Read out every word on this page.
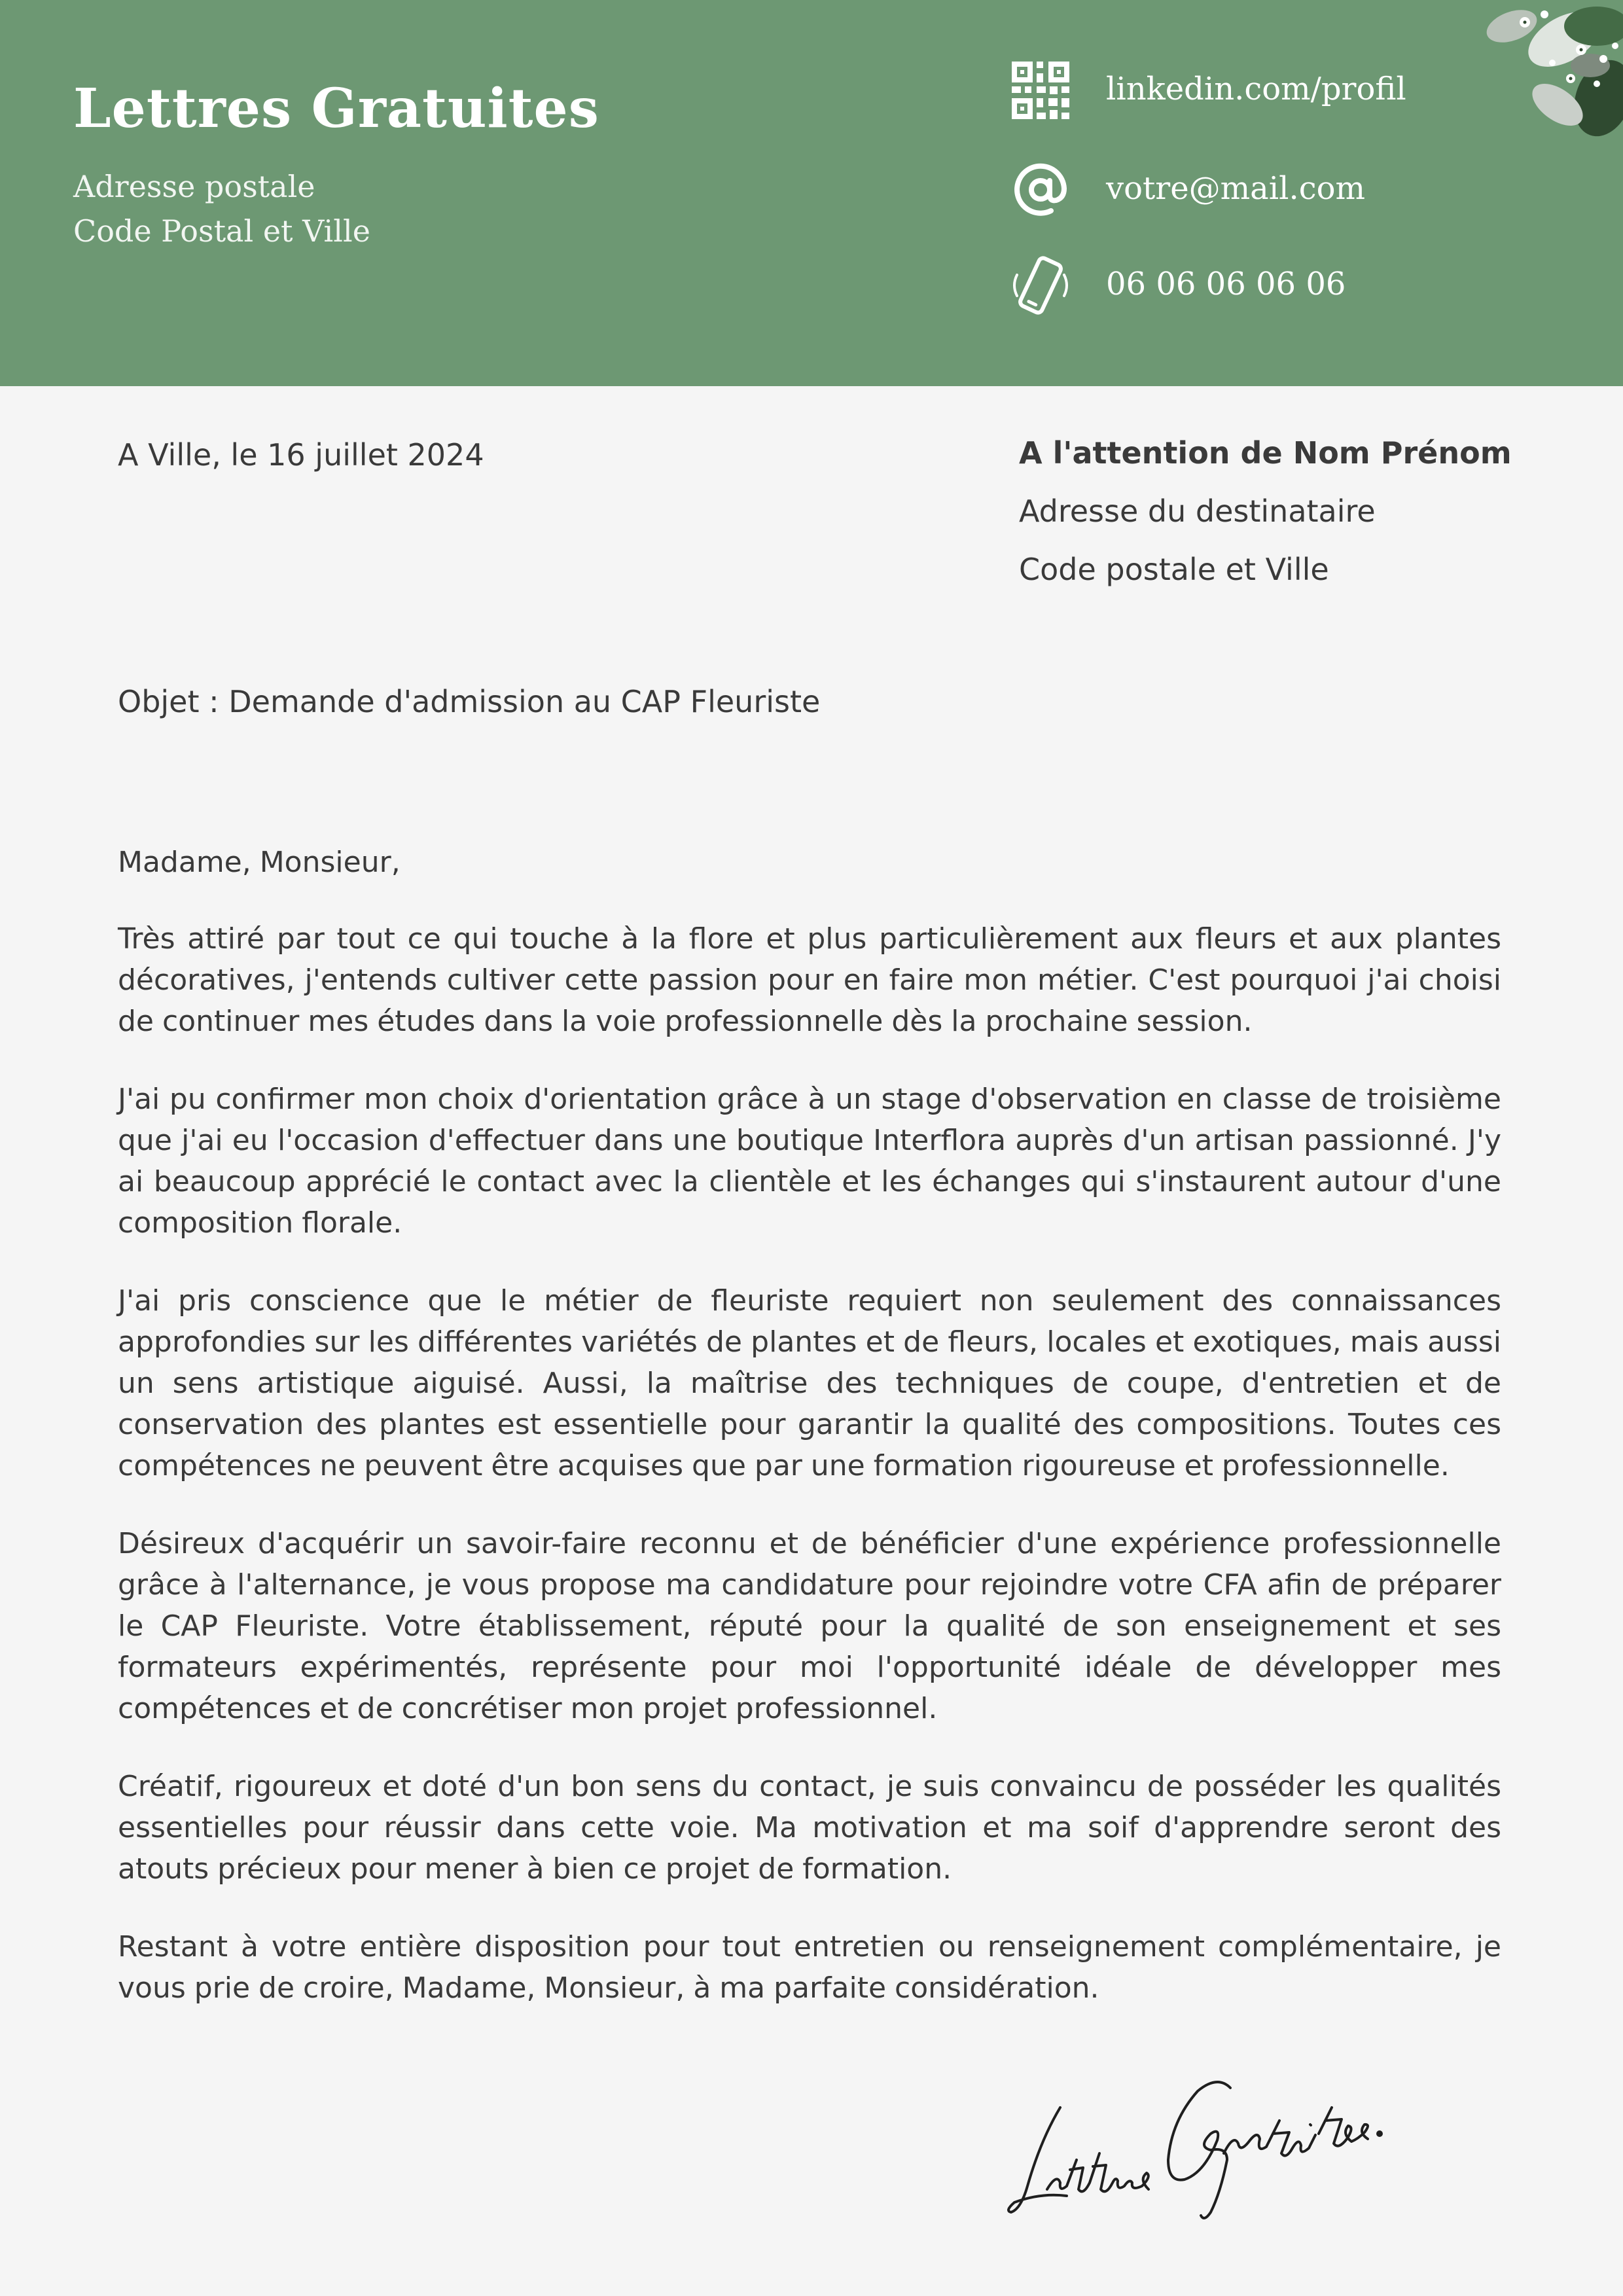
Lettres Gratuites
Adresse postale
Code Postal et Ville
linkedin.com/profil
votre@mail.com
06 06 06 06 06
A Ville, le 16 juillet 2024	A l'attention de Nom Prénom
Adresse du destinataire
Code postale et Ville
Objet : Demande d'admission au CAP Fleuriste

Madame, Monsieur,

Très attiré par tout ce qui touche à la flore et plus particulièrement aux fleurs et aux plantes décoratives, j'entends cultiver cette passion pour en faire mon métier. C'est pourquoi j'ai choisi de continuer mes études dans la voie professionnelle dès la prochaine session.

J'ai pu confirmer mon choix d'orientation grâce à un stage d'observation en classe de troisième que j'ai eu l'occasion d'effectuer dans une boutique Interflora auprès d'un artisan passionné. J'y ai beaucoup apprécié le contact avec la clientèle et les échanges qui s'instaurent autour d'une composition florale.

J'ai pris conscience que le métier de fleuriste requiert non seulement des connaissances approfondies sur les différentes variétés de plantes et de fleurs, locales et exotiques, mais aussi un sens artistique aiguisé. Aussi, la maîtrise des techniques de coupe, d'entretien et de conservation des plantes est essentielle pour garantir la qualité des compositions. Toutes ces compétences ne peuvent être acquises que par une formation rigoureuse et professionnelle.

Désireux d'acquérir un savoir-faire reconnu et de bénéficier d'une expérience professionnelle grâce à l'alternance, je vous propose ma candidature pour rejoindre votre CFA afin de préparer le CAP Fleuriste. Votre établissement, réputé pour la qualité de son enseignement et ses formateurs expérimentés, représente pour moi l'opportunité idéale de développer mes compétences et de concrétiser mon projet professionnel.

Créatif, rigoureux et doté d'un bon sens du contact, je suis convaincu de posséder les qualités essentielles pour réussir dans cette voie. Ma motivation et ma soif d'apprendre seront des atouts précieux pour mener à bien ce projet de formation.

Restant à votre entière disposition pour tout entretien ou renseignement complémentaire, je vous prie de croire, Madame, Monsieur, à ma parfaite considération.
